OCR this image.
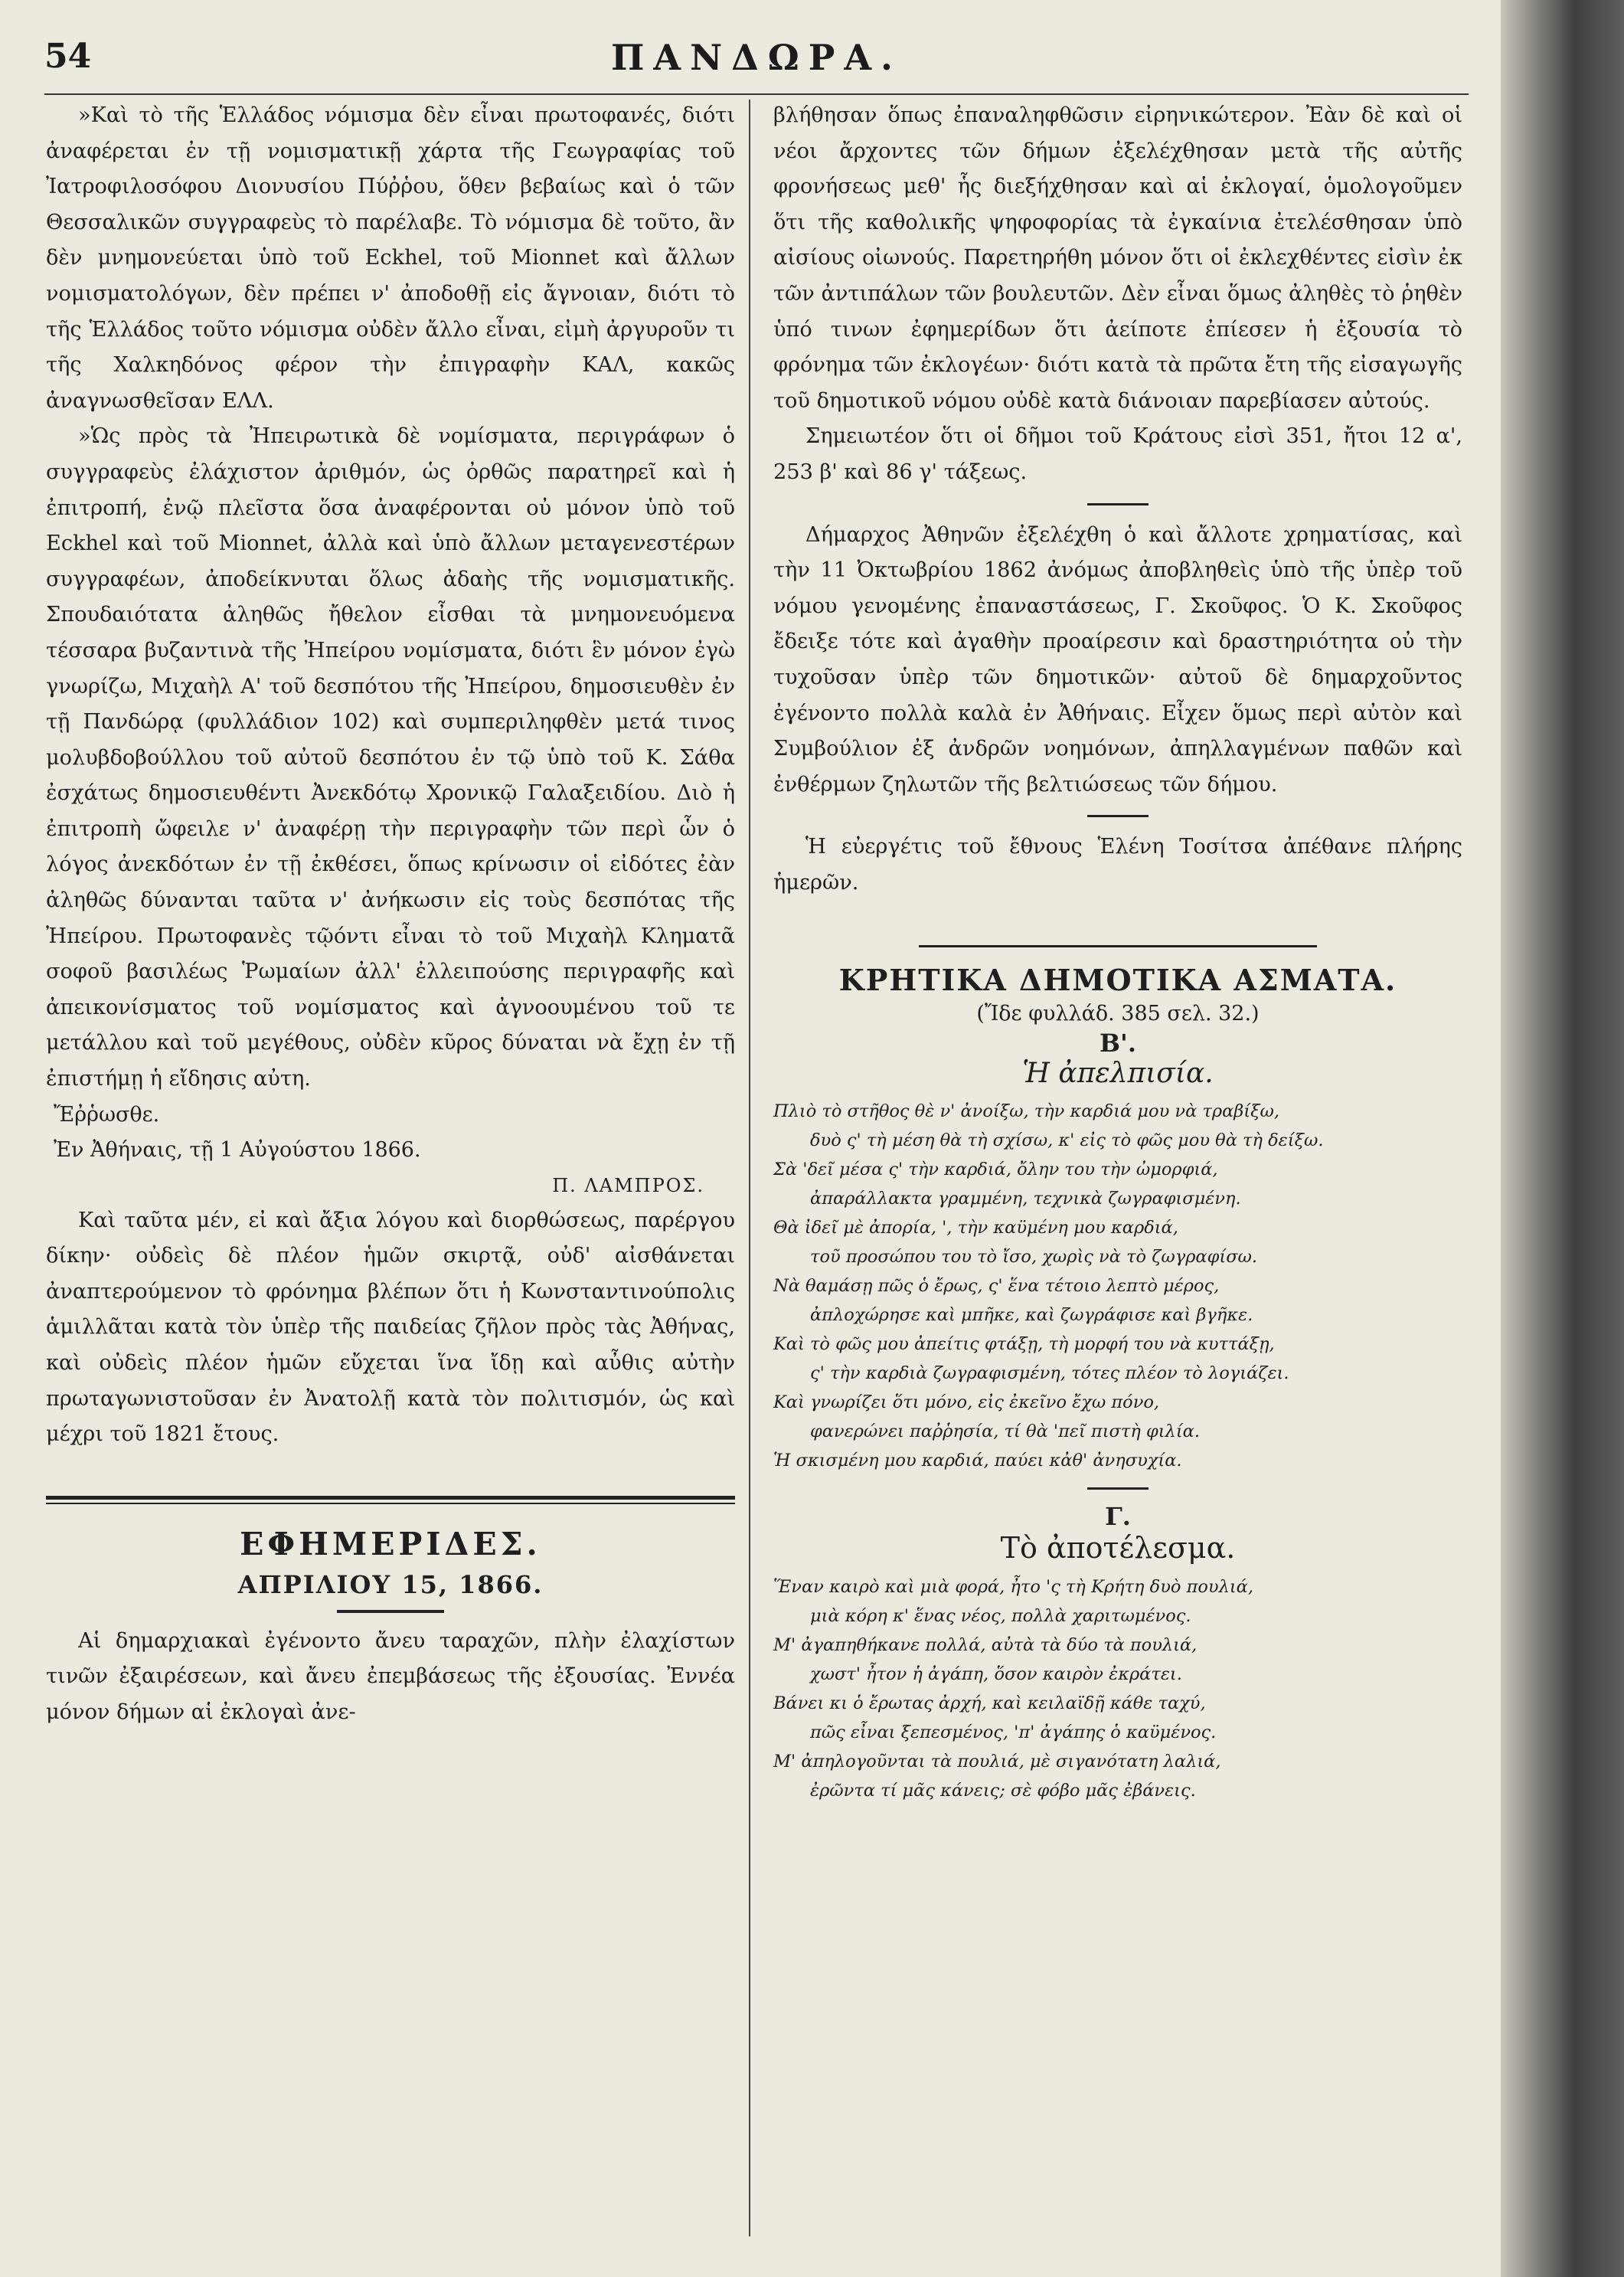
54	ΠΑΝΔΩΡΑ.

»Καὶ τὸ τῆς Ἑλλάδος νόμισμα δὲν εἶναι πρωτοφανές, διότι ἀναφέρεται ἐν τῇ νομισματικῇ χάρτα τῆς Γεωγραφίας τοῦ Ἰατροφιλοσόφου Διονυσίου Πύῤῥου, ὅθεν βεβαίως καὶ ὁ τῶν Θεσσαλικῶν συγγραφεὺς τὸ παρέλαβε. Τὸ νόμισμα δὲ τοῦτο, ἂν δὲν μνημονεύεται ὑπὸ τοῦ Eckhel, τοῦ Mionnet καὶ ἄλλων νομισματολόγων, δὲν πρέπει ν' ἀποδοθῇ εἰς ἄγνοιαν, διότι τὸ τῆς Ἑλλάδος τοῦτο νόμισμα οὐδὲν ἄλλο εἶναι, εἰμὴ ἀργυροῦν τι τῆς Χαλκηδόνος φέρον τὴν ἐπιγραφὴν ΚΑΛ, κακῶς ἀναγνωσθεῖσαν ΕΛΛ.

»Ὡς πρὸς τὰ Ἠπειρωτικὰ δὲ νομίσματα, περιγράφων ὁ συγγραφεὺς ἐλάχιστον ἀριθμόν, ὡς ὀρθῶς παρατηρεῖ καὶ ἡ ἐπιτροπή, ἐνῷ πλεῖστα ὅσα ἀναφέρονται οὐ μόνον ὑπὸ τοῦ Eckhel καὶ τοῦ Mionnet, ἀλλὰ καὶ ὑπὸ ἄλλων μεταγενεστέρων συγγραφέων, ἀποδείκνυται ὅλως ἀδαὴς τῆς νομισματικῆς. Σπουδαιότατα ἀληθῶς ἤθελον εἶσθαι τὰ μνημονευόμενα τέσσαρα βυζαντινὰ τῆς Ἠπείρου νομίσματα, διότι ἓν μόνον ἐγὼ γνωρίζω, Μιχαὴλ Α' τοῦ δεσπότου τῆς Ἠπείρου, δημοσιευθὲν ἐν τῇ Πανδώρᾳ (φυλλάδιον 102) καὶ συμπεριληφθὲν μετά τινος μολυβδοβούλλου τοῦ αὐτοῦ δεσπότου ἐν τῷ ὑπὸ τοῦ Κ. Σάθα ἐσχάτως δημοσιευθέντι Ἀνεκδότῳ Χρονικῷ Γαλαξειδίου. Διὸ ἡ ἐπιτροπὴ ὤφειλε ν' ἀναφέρῃ τὴν περιγραφὴν τῶν περὶ ὧν ὁ λόγος ἀνεκδότων ἐν τῇ ἐκθέσει, ὅπως κρίνωσιν οἱ εἰδότες ἐὰν ἀληθῶς δύνανται ταῦτα ν' ἀνήκωσιν εἰς τοὺς δεσπότας τῆς Ἠπείρου. Πρωτοφανὲς τῷόντι εἶναι τὸ τοῦ Μιχαὴλ Κληματᾶ σοφοῦ βασιλέως Ῥωμαίων ἀλλ' ἐλλειπούσης περιγραφῆς καὶ ἀπεικονίσματος τοῦ νομίσματος καὶ ἀγνοουμένου τοῦ τε μετάλλου καὶ τοῦ μεγέθους, οὐδὲν κῦρος δύναται νὰ ἔχῃ ἐν τῇ ἐπιστήμῃ ἡ εἴδησις αὐτη.

Ἔῤῥωσθε.

Ἐν Ἀθήναις, τῇ 1 Αὐγούστου 1866.

Π. ΛΑΜΠΡΟΣ.

Καὶ ταῦτα μέν, εἰ καὶ ἄξια λόγου καὶ διορθώσεως, παρέργου δίκην· οὐδεὶς δὲ πλέον ἡμῶν σκιρτᾷ, οὐδ' αἰσθάνεται ἀναπτερούμενον τὸ φρόνημα βλέπων ὅτι ἡ Κωνσταντινούπολις ἁμιλλᾶται κατὰ τὸν ὑπὲρ τῆς παιδείας ζῆλον πρὸς τὰς Ἀθήνας, καὶ οὐδεὶς πλέον ἡμῶν εὔχεται ἵνα ἴδῃ καὶ αὖθις αὐτὴν πρωταγωνιστοῦσαν ἐν Ἀνατολῇ κατὰ τὸν πολιτισμόν, ὡς καὶ μέχρι τοῦ 1821 ἔτους.

ΕΦΗΜΕΡΙΔΕΣ.
ΑΠΡΙΛΙΟΥ 15, 1866.

Αἱ δημαρχιακαὶ ἐγένοντο ἄνευ ταραχῶν, πλὴν ἐλαχίστων τινῶν ἐξαιρέσεων, καὶ ἄνευ ἐπεμβάσεως τῆς ἐξουσίας. Ἐννέα μόνον δήμων αἱ ἐκλογαὶ ἀνε-

βλήθησαν ὅπως ἐπαναληφθῶσιν εἰρηνικώτερον. Ἐὰν δὲ καὶ οἱ νέοι ἄρχοντες τῶν δήμων ἐξελέχθησαν μετὰ τῆς αὐτῆς φρονήσεως μεθ' ἧς διεξήχθησαν καὶ αἱ ἐκλογαί, ὁμολογοῦμεν ὅτι τῆς καθολικῆς ψηφοφορίας τὰ ἐγκαίνια ἐτελέσθησαν ὑπὸ αἰσίους οἰωνούς. Παρετηρήθη μόνον ὅτι οἱ ἐκλεχθέντες εἰσὶν ἐκ τῶν ἀντιπάλων τῶν βουλευτῶν. Δὲν εἶναι ὅμως ἀληθὲς τὸ ῥηθὲν ὑπό τινων ἐφημερίδων ὅτι ἀείποτε ἐπίεσεν ἡ ἐξουσία τὸ φρόνημα τῶν ἐκλογέων· διότι κατὰ τὰ πρῶτα ἔτη τῆς εἰσαγωγῆς τοῦ δημοτικοῦ νόμου οὐδὲ κατὰ διάνοιαν παρεβίασεν αὐτούς.

Σημειωτέον ὅτι οἱ δῆμοι τοῦ Κράτους εἰσὶ 351, ἤτοι 12 α', 253 β' καὶ 86 γ' τάξεως.

Δήμαρχος Ἀθηνῶν ἐξελέχθη ὁ καὶ ἄλλοτε χρηματίσας, καὶ τὴν 11 Ὀκτωβρίου 1862 ἀνόμως ἀποβληθεὶς ὑπὸ τῆς ὑπὲρ τοῦ νόμου γενομένης ἐπαναστάσεως, Γ. Σκοῦφος. Ὁ Κ. Σκοῦφος ἔδειξε τότε καὶ ἀγαθὴν προαίρεσιν καὶ δραστηριότητα οὐ τὴν τυχοῦσαν ὑπὲρ τῶν δημοτικῶν· αὐτοῦ δὲ δημαρχοῦντος ἐγένοντο πολλὰ καλὰ ἐν Ἀθήναις. Εἶχεν ὅμως περὶ αὐτὸν καὶ Συμβούλιον ἐξ ἀνδρῶν νοημόνων, ἀπηλλαγμένων παθῶν καὶ ἐνθέρμων ζηλωτῶν τῆς βελτιώσεως τῶν δήμου.

Ἡ εὐεργέτις τοῦ ἔθνους Ἑλένη Τοσίτσα ἀπέθανε πλήρης ἡμερῶν.

ΚΡΗΤΙΚΑ ΔΗΜΟΤΙΚΑ ΑΣΜΑΤΑ.
(Ἴδε φυλλάδ. 385 σελ. 32.)
Β'.
Ἡ ἀπελπισία.
Πλιὸ τὸ στῆθος θὲ ν' ἀνοίξω, τὴν καρδιά μου νὰ τραβίξω,
δυὸ ς' τὴ μέση θὰ τὴ σχίσω, κ' εἰς τὸ φῶς μου θὰ τὴ δείξω.
Σὰ 'δεῖ μέσα ς' τὴν καρδιά, ὄλην του τὴν ὠμορφιά,
ἀπαράλλακτα γραμμένη, τεχνικὰ ζωγραφισμένη.
Θὰ ἰδεῖ μὲ ἀπορία, ', τὴν καϋμένη μου καρδιά,
τοῦ προσώπου του τὸ ἴσο, χωρὶς νὰ τὸ ζωγραφίσω.
Νὰ θαμάσῃ πῶς ὁ ἔρως, ς' ἕνα τέτοιο λεπτὸ μέρος,
ἀπλοχώρησε καὶ μπῆκε, καὶ ζωγράφισε καὶ βγῆκε.
Καὶ τὸ φῶς μου ἀπείτις φτάξῃ, τὴ μορφή του νὰ κυττάξῃ,
ς' τὴν καρδιὰ ζωγραφισμένη, τότες πλέον τὸ λογιάζει.
Καὶ γνωρίζει ὅτι μόνο, εἰς ἐκεῖνο ἔχω πόνο,
φανερώνει παῤῥησία, τί θὰ 'πεῖ πιστὴ φιλία.
Ἡ σκισμένη μου καρδιά, παύει κἀθ' ἀνησυχία.
Γ.
Τὸ ἀποτέλεσμα.
Ἕναν καιρὸ καὶ μιὰ φορά, ἦτο 'ς τὴ Κρήτη δυὸ πουλιά,
μιὰ κόρη κ' ἕνας νέος, πολλὰ χαριτωμένος.
Μ' ἀγαπηθήκανε πολλά, αὐτὰ τὰ δύο τὰ πουλιά,
χωστ' ἦτον ἡ ἀγάπη, ὅσον καιρὸν ἐκράτει.
Βάνει κι ὁ ἔρωτας ἀρχή, καὶ κειλαϊδῇ κάθε ταχύ,
πῶς εἶναι ξεπεσμένος, 'π' ἀγάπης ὁ καϋμένος.
Μ' ἀπηλογοῦνται τὰ πουλιά, μὲ σιγανότατη λαλιά,
ἐρῶντα τί μᾶς κάνεις; σὲ φόβο μᾶς ἐβάνεις.
